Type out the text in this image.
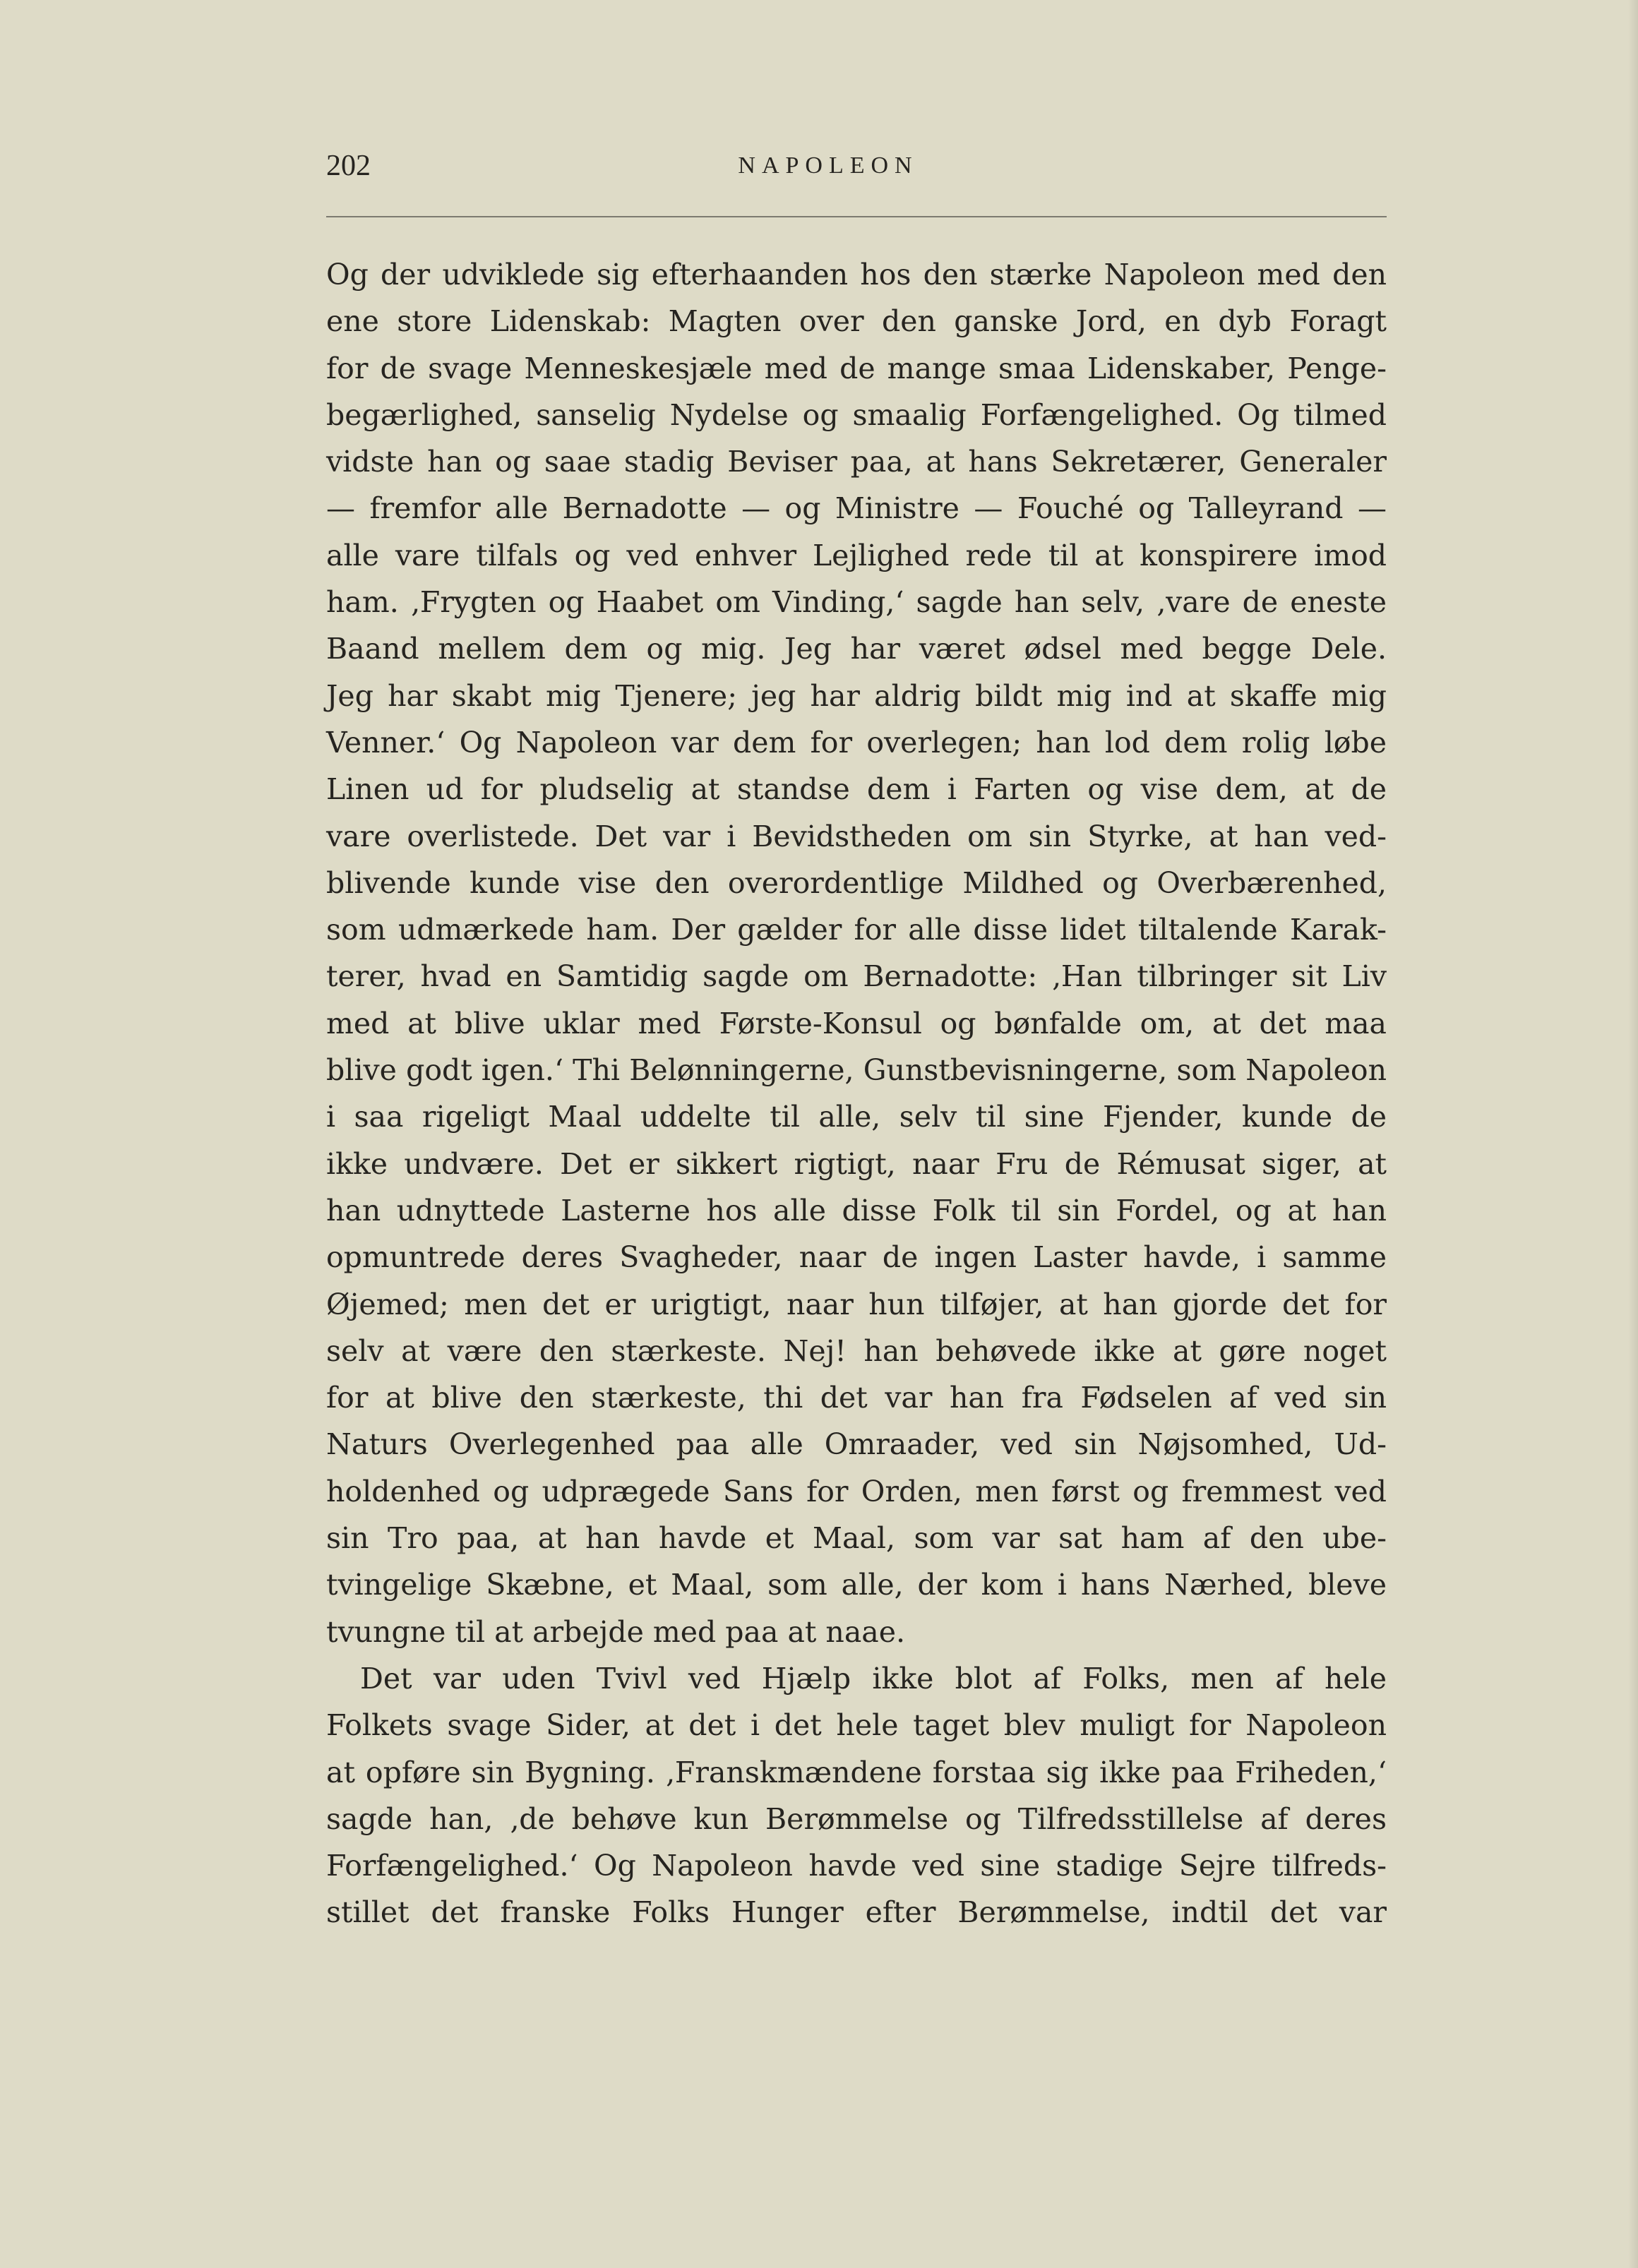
202	NAPOLEON
Og der udviklede sig efterhaanden hos den stærke Napoleon med den
ene store Lidenskab: Magten over den ganske Jord, en dyb Foragt
for de svage Menneskesjæle med de mange smaa Lidenskaber, Penge-
begærlighed, sanselig Nydelse og smaalig Forfængelighed. Og tilmed
vidste han og saae stadig Beviser paa, at hans Sekretærer, Generaler
— fremfor alle Bernadotte — og Ministre — Fouché og Talleyrand —
alle vare tilfals og ved enhver Lejlighed rede til at konspirere imod
ham. ‚Frygten og Haabet om Vinding,‘ sagde han selv, ‚vare de eneste
Baand mellem dem og mig. Jeg har været ødsel med begge Dele.
Jeg har skabt mig Tjenere; jeg har aldrig bildt mig ind at skaffe mig
Venner.‘ Og Napoleon var dem for overlegen; han lod dem rolig løbe
Linen ud for pludselig at standse dem i Farten og vise dem, at de
vare overlistede. Det var i Bevidstheden om sin Styrke, at han ved-
blivende kunde vise den overordentlige Mildhed og Overbærenhed,
som udmærkede ham. Der gælder for alle disse lidet tiltalende Karak-
terer, hvad en Samtidig sagde om Bernadotte: ‚Han tilbringer sit Liv
med at blive uklar med Første-Konsul og bønfalde om, at det maa
blive godt igen.‘ Thi Belønningerne, Gunstbevisningerne, som Napoleon
i saa rigeligt Maal uddelte til alle, selv til sine Fjender, kunde de
ikke undvære. Det er sikkert rigtigt, naar Fru de Rémusat siger, at
han udnyttede Lasterne hos alle disse Folk til sin Fordel, og at han
opmuntrede deres Svagheder, naar de ingen Laster havde, i samme
Øjemed; men det er urigtigt, naar hun tilføjer, at han gjorde det for
selv at være den stærkeste. Nej! han behøvede ikke at gøre noget
for at blive den stærkeste, thi det var han fra Fødselen af ved sin
Naturs Overlegenhed paa alle Omraader, ved sin Nøjsomhed, Ud-
holdenhed og udprægede Sans for Orden, men først og fremmest ved
sin Tro paa, at han havde et Maal, som var sat ham af den ube-
tvingelige Skæbne, et Maal, som alle, der kom i hans Nærhed, bleve
tvungne til at arbejde med paa at naae.
Det var uden Tvivl ved Hjælp ikke blot af Folks, men af hele
Folkets svage Sider, at det i det hele taget blev muligt for Napoleon
at opføre sin Bygning. ‚Franskmændene forstaa sig ikke paa Friheden,‘
sagde han, ‚de behøve kun Berømmelse og Tilfredsstillelse af deres
Forfængelighed.‘ Og Napoleon havde ved sine stadige Sejre tilfreds-
stillet det franske Folks Hunger efter Berømmelse, indtil det var
